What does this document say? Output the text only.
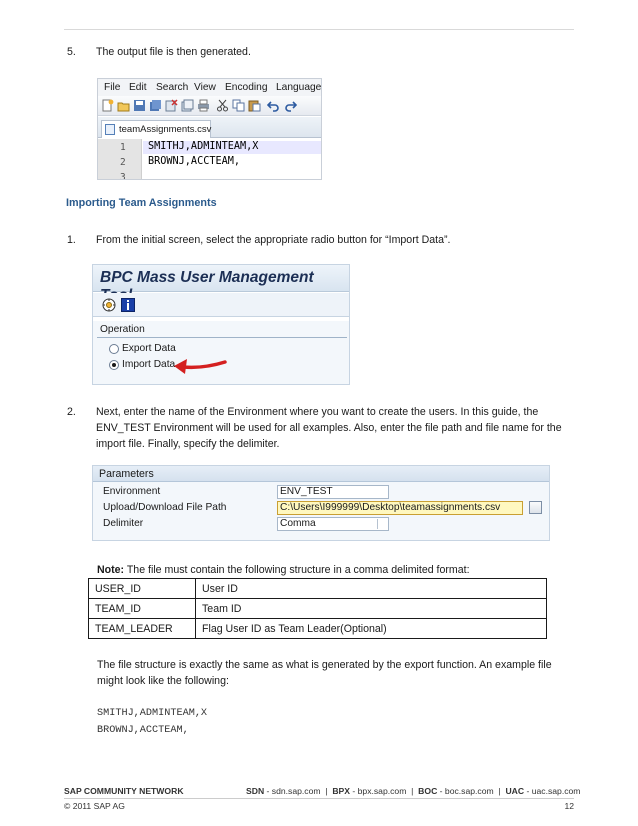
5. The output file is then generated.
File Edit Search View Encoding Language
teamAssignments.csv
1 SMITHJ,ADMINTEAM,X
2 BROWNJ,ACCTEAM,
3
Importing Team Assignments
1. From the initial screen, select the appropriate radio button for “Import Data”.
BPC Mass User Management
Operation
Export Data
Import Data
2. Next, enter the name of the Environment where you want to create the users. In this guide, the ENV_TEST Environment will be used for all examples. Also, enter the file path and file name for the import file. Finally, specify the delimiter.
Parameters
Environment	ENV_TEST
Upload/Download File Path	C:\Users\I999999\Desktop\teamassignments.csv
Delimiter	Comma
Note: The file must contain the following structure in a comma delimited format:
USER_ID	User ID
TEAM_ID	Team ID
TEAM_LEADER	Flag User ID as Team Leader(Optional)
The file structure is exactly the same as what is generated by the export function. An example file might look like the following:
SMITHJ,ADMINTEAM,X
BROWNJ,ACCTEAM,
SAP COMMUNITY NETWORK	SDN - sdn.sap.com  |  BPX - bpx.sap.com  |  BOC - boc.sap.com  |  UAC - uac.sap.com
© 2011 SAP AG	12
